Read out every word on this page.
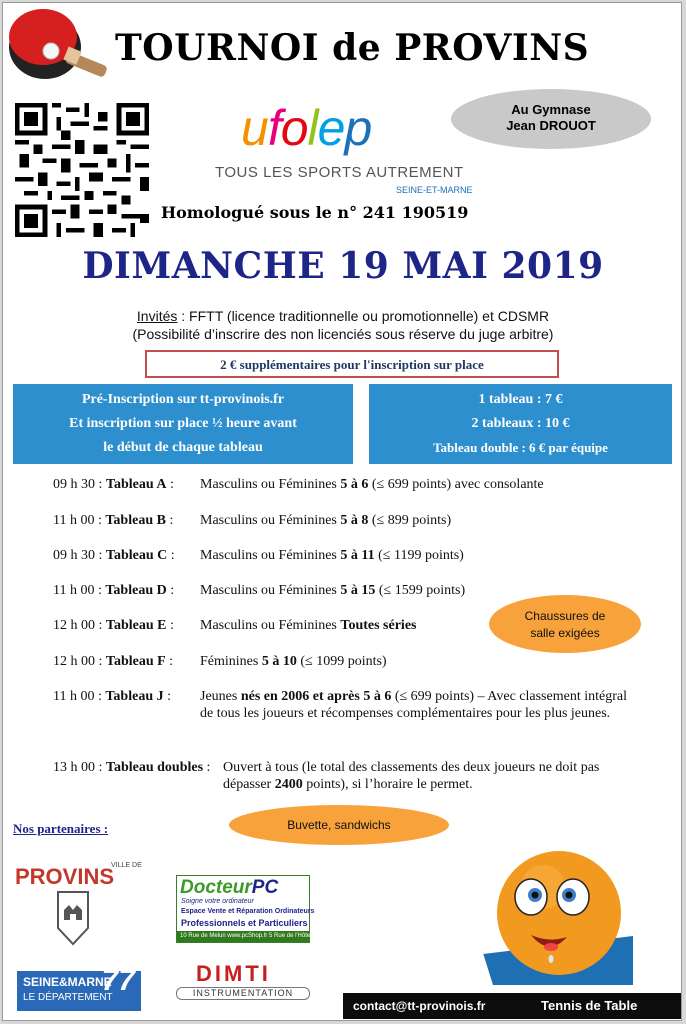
TOURNOI de PROVINS
Au Gymnase
Jean DROUOT
ufolep
TOUS LES SPORTS AUTREMENT
SEINE-ET-MARNE
Homologué sous le n° 241 190519
DIMANCHE 19 MAI 2019
Invités : FFTT (licence traditionnelle ou promotionnelle) et CDSMR
(Possibilité d’inscrire des non licenciés sous réserve du juge arbitre)
2 € supplémentaires pour l'inscription sur place
Pré-Inscription sur tt-provinois.fr
Et inscription sur place ½ heure avant
le début de chaque tableau
1 tableau : 7 €
2 tableaux : 10 €
Tableau double : 6 € par équipe
09 h 30 : Tableau A :	Masculins ou Féminines 5 à 6 (≤ 699 points) avec consolante
11 h 00 : Tableau B :	Masculins ou Féminines 5 à 8 (≤ 899 points)
09 h 30 : Tableau C :	Masculins ou Féminines 5 à 11 (≤ 1199 points)
11 h 00 : Tableau D :	Masculins ou Féminines 5 à 15 (≤ 1599 points)
12 h 00 : Tableau E :	Masculins ou Féminines Toutes séries
12 h 00 : Tableau F :	Féminines 5 à 10 (≤ 1099 points)
11 h 00 : Tableau J :	Jeunes nés en 2006 et après 5 à 6 (≤ 699 points) – Avec classement intégral de tous les joueurs et récompenses complémentaires pour les plus jeunes.
13 h 00 : Tableau doubles : Ouvert à tous (le total des classements des deux joueurs ne doit pas dépasser 2400 points), si l’horaire le permet.
Chaussures de
salle exigées
Buvette, sandwichs
Nos partenaires :
VILLE DE
PROVINS
SEINE&MARNE
LE DÉPARTEMENT
77
DocteurPC
Soigne votre ordinateur
Espace Vente et Réparation Ordinateurs
Professionnels et Particuliers
10 Rue de Melun www.pcShop.fr 5 Rue de l'Hôtel dieu
DIMTI
INSTRUMENTATION
contact@tt-provinois.fr	Tennis de Table
